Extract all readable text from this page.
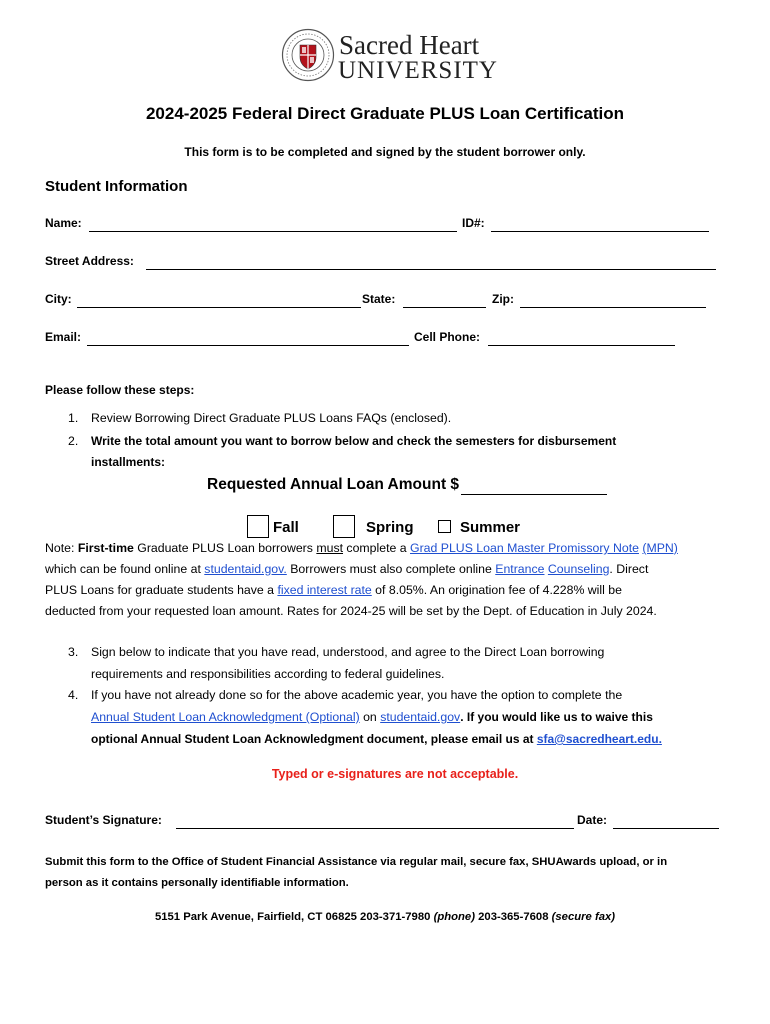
Sacred Heart
UNIVERSITY
2024-2025 Federal Direct Graduate PLUS Loan Certification
This form is to be completed and signed by the student borrower only.
Student Information
Name:	ID#:
Street Address:
City:	State:	Zip:
Email:	Cell Phone:
Please follow these steps:
1. Review Borrowing Direct Graduate PLUS Loans FAQs (enclosed).
2. Write the total amount you want to borrow below and check the semesters for disbursement
installments:
Requested Annual Loan Amount $
Fall	Spring	Summer
Note: First-time Graduate PLUS Loan borrowers must complete a Grad PLUS Loan Master Promissory Note (MPN)
which can be found online at studentaid.gov. Borrowers must also complete online Entrance Counseling. Direct
PLUS Loans for graduate students have a fixed interest rate of 8.05%. An origination fee of 4.228% will be
deducted from your requested loan amount. Rates for 2024-25 will be set by the Dept. of Education in July 2024.
3. Sign below to indicate that you have read, understood, and agree to the Direct Loan borrowing
requirements and responsibilities according to federal guidelines.
4. If you have not already done so for the above academic year, you have the option to complete the
Annual Student Loan Acknowledgment (Optional) on studentaid.gov. If you would like us to waive this
optional Annual Student Loan Acknowledgment document, please email us at sfa@sacredheart.edu.
Typed or e-signatures are not acceptable.
Student’s Signature:	Date:
Submit this form to the Office of Student Financial Assistance via regular mail, secure fax, SHUAwards upload, or in
person as it contains personally identifiable information.
5151 Park Avenue, Fairfield, CT 06825 203-371-7980 (phone) 203-365-7608 (secure fax)
